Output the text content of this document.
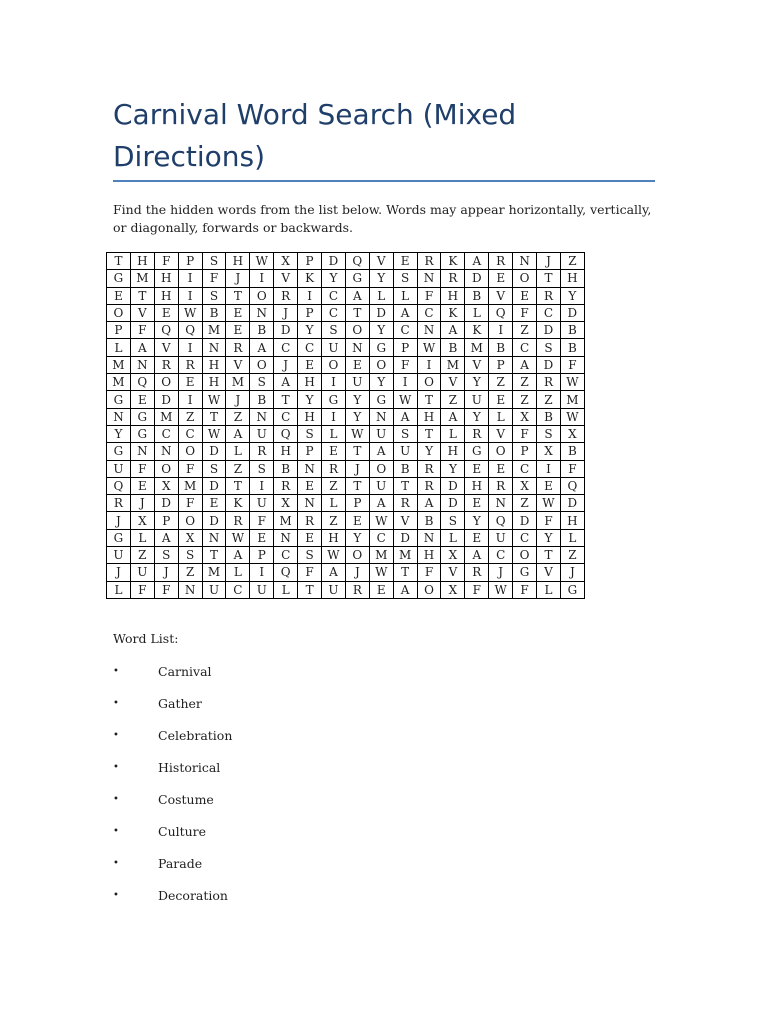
Carnival Word Search (Mixed Directions)

Find the hidden words from the list below. Words may appear horizontally, vertically, or diagonally, forwards or backwards.

T	H	F	P	S	H	W	X	P	D	Q	V	E	R	K	A	R	N	J	Z
G	M	H	I	F	J	I	V	K	Y	G	Y	S	N	R	D	E	O	T	H
E	T	H	I	S	T	O	R	I	C	A	L	L	F	H	B	V	E	R	Y
O	V	E	W	B	E	N	J	P	C	T	D	A	C	K	L	Q	F	C	D
P	F	Q	Q	M	E	B	D	Y	S	O	Y	C	N	A	K	I	Z	D	B
L	A	V	I	N	R	A	C	C	U	N	G	P	W	B	M	B	C	S	B
M	N	R	R	H	V	O	J	E	O	E	O	F	I	M	V	P	A	D	F
M	Q	O	E	H	M	S	A	H	I	U	Y	I	O	V	Y	Z	Z	R	W
G	E	D	I	W	J	B	T	Y	G	Y	G	W	T	Z	U	E	Z	Z	M
N	G	M	Z	T	Z	N	C	H	I	Y	N	A	H	A	Y	L	X	B	W
Y	G	C	C	W	A	U	Q	S	L	W	U	S	T	L	R	V	F	S	X
G	N	N	O	D	L	R	H	P	E	T	A	U	Y	H	G	O	P	X	B
U	F	O	F	S	Z	S	B	N	R	J	O	B	R	Y	E	E	C	I	F
Q	E	X	M	D	T	I	R	E	Z	T	U	T	R	D	H	R	X	E	Q
R	J	D	F	E	K	U	X	N	L	P	A	R	A	D	E	N	Z	W	D
J	X	P	O	D	R	F	M	R	Z	E	W	V	B	S	Y	Q	D	F	H
G	L	A	X	N	W	E	N	E	H	Y	C	D	N	L	E	U	C	Y	L
U	Z	S	S	T	A	P	C	S	W	O	M	M	H	X	A	C	O	T	Z
J	U	J	Z	M	L	I	Q	F	A	J	W	T	F	V	R	J	G	V	J
L	F	F	N	U	C	U	L	T	U	R	E	A	O	X	F	W	F	L	G

Word List:

•	Carnival
•	Gather
•	Celebration
•	Historical
•	Costume
•	Culture
•	Parade
•	Decoration
